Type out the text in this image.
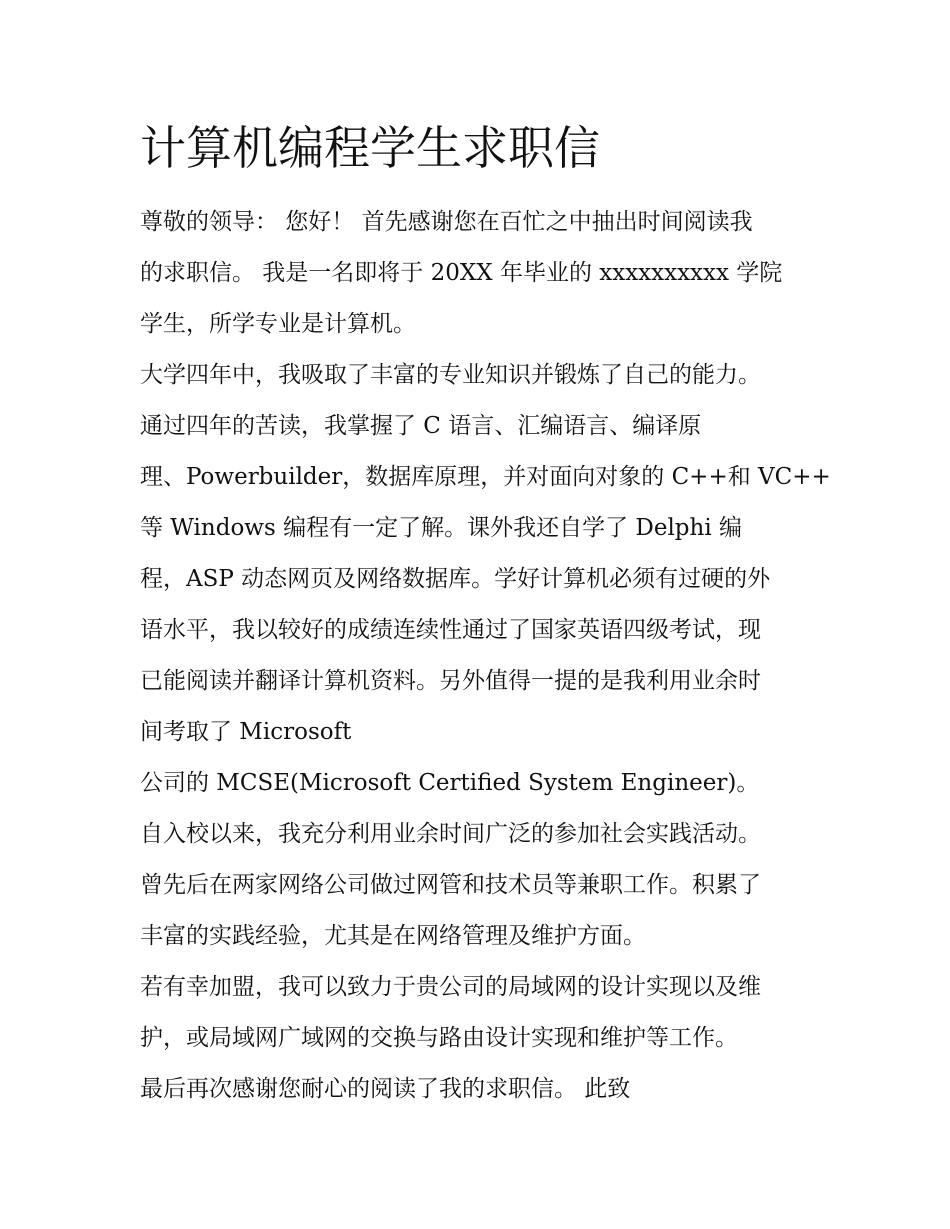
计算机编程学生求职信
尊敬的领导： 您好！ 首先感谢您在百忙之中抽出时间阅读我
的求职信。 我是一名即将于 20XX 年毕业的 xxxxxxxxxx 学院
学生，所学专业是计算机。
大学四年中，我吸取了丰富的专业知识并锻炼了自己的能力。
通过四年的苦读，我掌握了 C 语言、汇编语言、编译原
理、Powerbuilder，数据库原理，并对面向对象的 C++和 VC++
等 Windows 编程有一定了解。课外我还自学了 Delphi 编
程，ASP 动态网页及网络数据库。学好计算机必须有过硬的外
语水平，我以较好的成绩连续性通过了国家英语四级考试，现
已能阅读并翻译计算机资料。另外值得一提的是我利用业余时
间考取了 Microsoft
公司的 MCSE(Microsoft Certified System Engineer)。
自入校以来，我充分利用业余时间广泛的参加社会实践活动。
曾先后在两家网络公司做过网管和技术员等兼职工作。积累了
丰富的实践经验，尤其是在网络管理及维护方面。
若有幸加盟，我可以致力于贵公司的局域网的设计实现以及维
护，或局域网广域网的交换与路由设计实现和维护等工作。
最后再次感谢您耐心的阅读了我的求职信。 此致
